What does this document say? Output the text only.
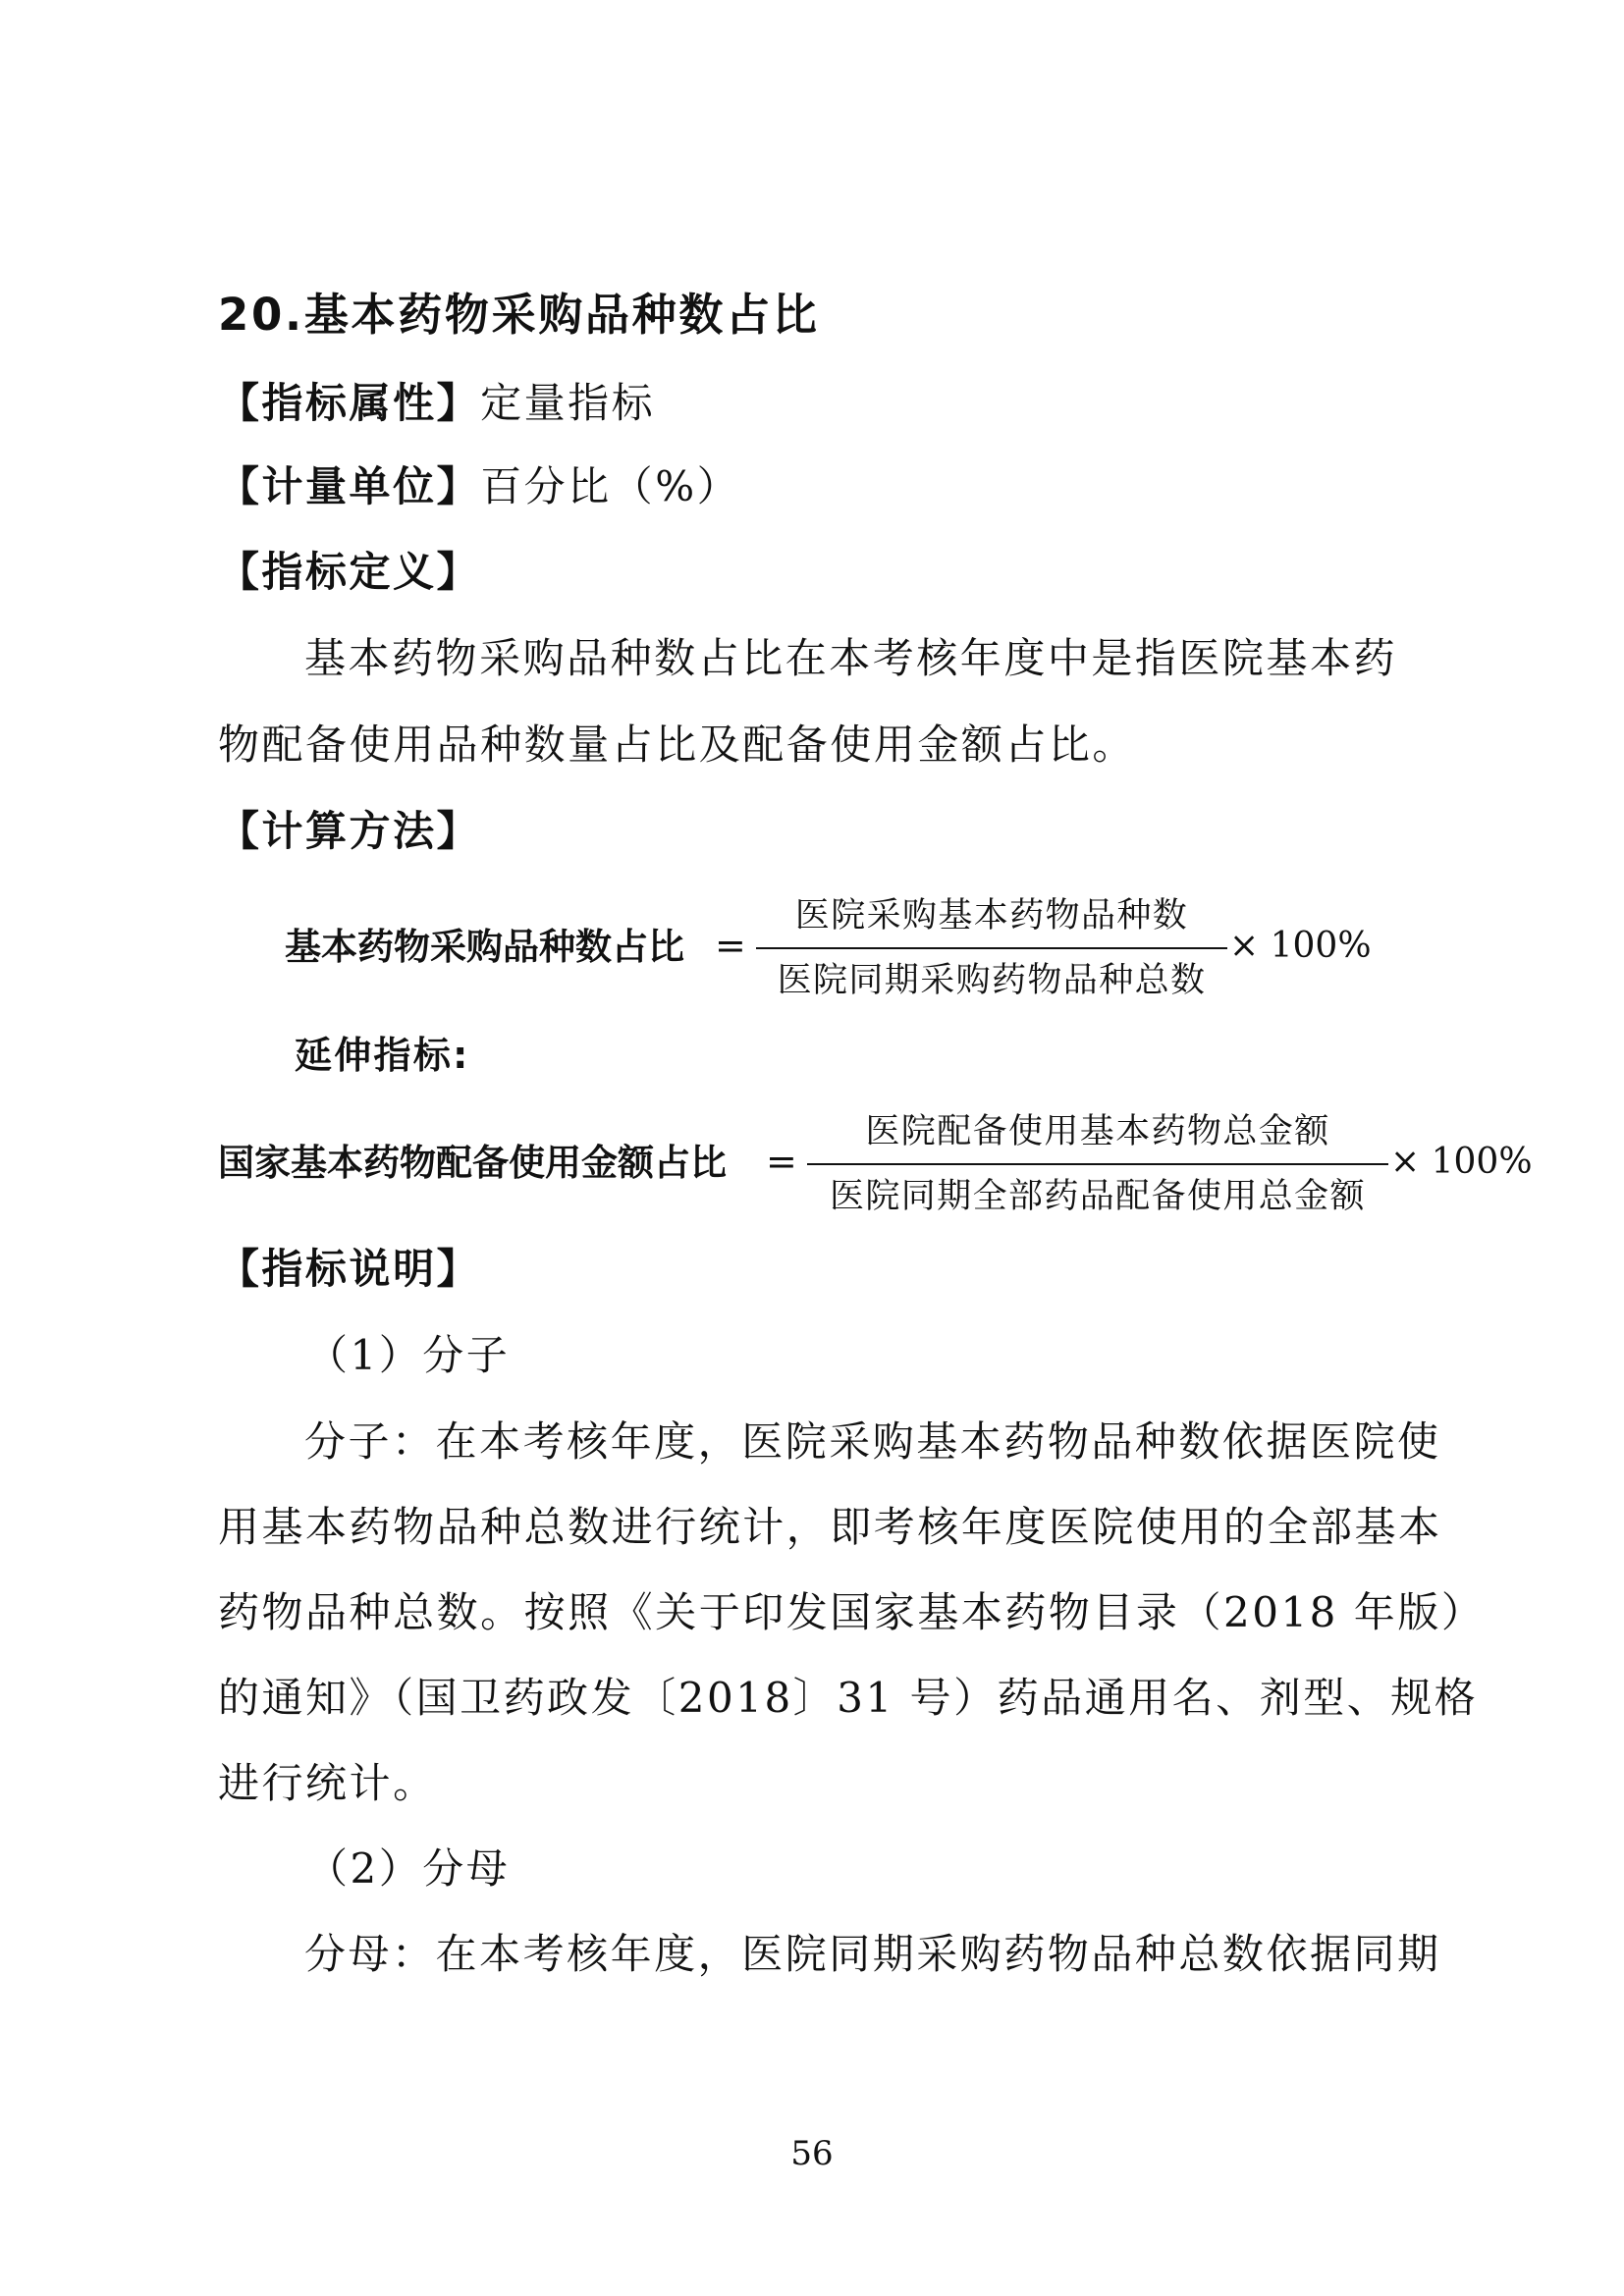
20.基本药物采购品种数占比
【指标属性】定量指标
【计量单位】百分比（%）
【指标定义】
基本药物采购品种数占比在本考核年度中是指医院基本药
物配备使用品种数量占比及配备使用金额占比。
【计算方法】
基本药物采购品种数占比 =
医院采购基本药物品种数
医院同期采购药物品种总数
× 100%
延伸指标:
国家基本药物配备使用金额占比 =
医院配备使用基本药物总金额
医院同期全部药品配备使用总金额
× 100%
【指标说明】
（1）分子
分子：在本考核年度，医院采购基本药物品种数依据医院使
用基本药物品种总数进行统计，即考核年度医院使用的全部基本
药物品种总数。按照《关于印发国家基本药物目录（2018 年版）
的通知》（国卫药政发〔2018〕31 号）药品通用名、剂型、规格
进行统计。
（2）分母
分母：在本考核年度，医院同期采购药物品种总数依据同期
56
